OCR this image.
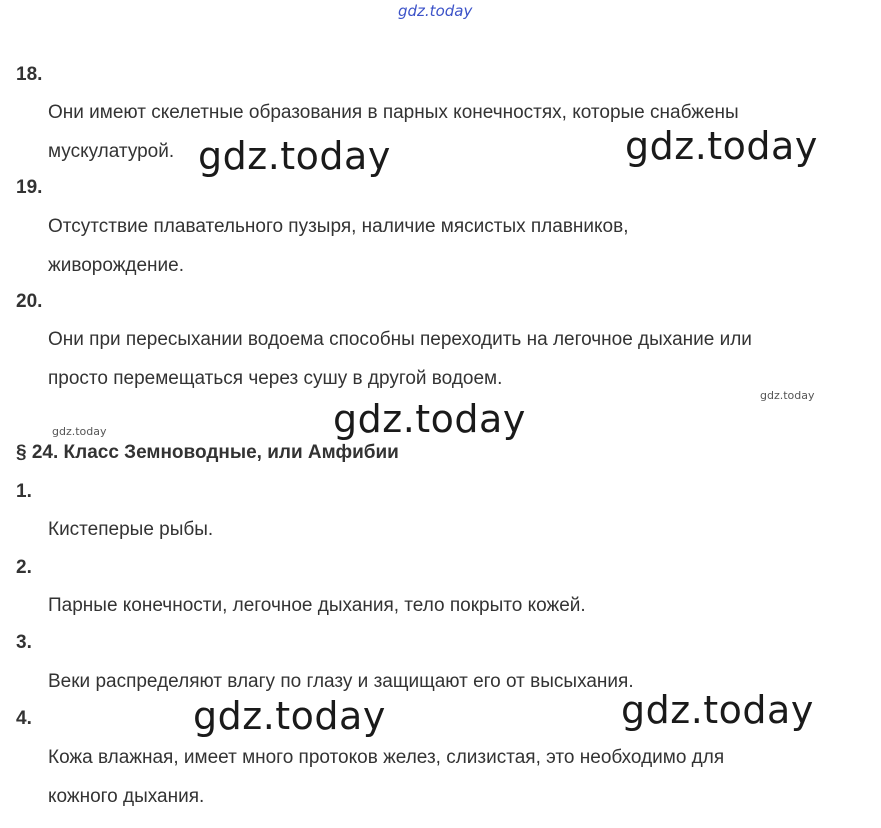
gdz.today
gdz.today	gdz.today
gdz.today
gdz.today	gdz.today
gdz.today
gdz.today
18.
Они имеют скелетные образования в парных конечностях, которые снабжены
мускулатурой.
19.
Отсутствие плавательного пузыря, наличие мясистых плавников,
живорождение.
20.
Они при пересыхании водоема способны переходить на легочное дыхание или
просто перемещаться через сушу в другой водоем.
§ 24. Класс Земноводные, или Амфибии
1.
Кистеперые рыбы.
2.
Парные конечности, легочное дыхания, тело покрыто кожей.
3.
Веки распределяют влагу по глазу и защищают его от высыхания.
4.
Кожа влажная, имеет много протоков желез, слизистая, это необходимо для
кожного дыхания.
